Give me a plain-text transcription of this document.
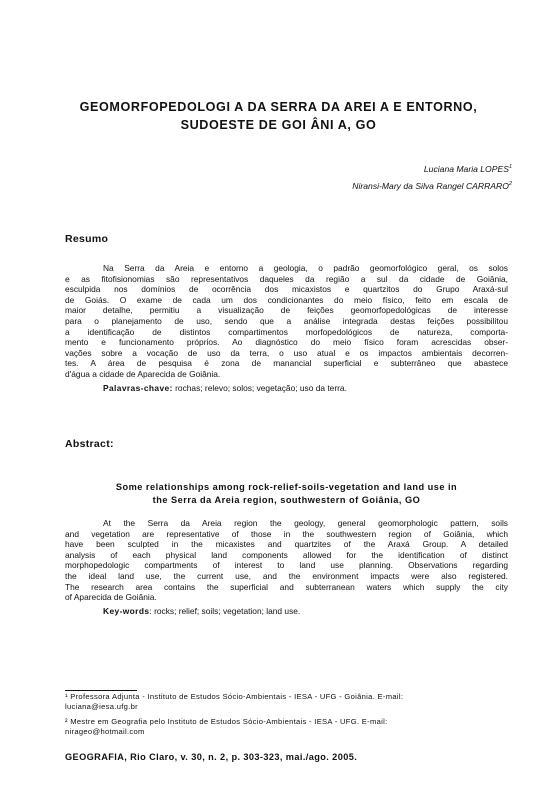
GEOMORFOPEDOLOGI A DA SERRA DA AREI A E ENTORNO,
SUDOESTE DE GOI ÂNI A, GO
Luciana Maria LOPES$^1$
Niransi-Mary da Silva Rangel CARRARO$^2$
Resumo
Na Serra da Areia e entorno a geologia, o padrão geomorfológico geral, os solos
e as fitofisionomias são representativos daqueles da região a sul da cidade de Goiânia,
esculpida nos domínios de ocorrência dos micaxistos e quartzitos do Grupo Araxá-sul
de Goiás. O exame de cada um dos condicionantes do meio físico, feito em escala de
maior detalhe, permitiu a visualização de feições geomorfopedológicas de interesse
para o planejamento de uso, sendo que a análise integrada destas feições possibilitou
a identificação de distintos compartimentos morfopedológicos de natureza, comporta-
mento e funcionamento próprios. Ao diagnóstico do meio físico foram acrescidas obser-
vações sobre a vocação de uso da terra, o uso atual e os impactos ambientais decorren-
tes. A área de pesquisa é zona de manancial superficial e subterrâneo que abastece
d'água a cidade de Aparecida de Goiânia.
Palavras-chave: rochas; relevo; solos; vegetação; uso da terra.
Abstract:
Some relationships among rock-relief-soils-vegetation and land use in
the Serra da Areia region, southwestern of Goiânia, GO
At the Serra da Areia region the geology, general geomorphologic pattern, soils
and vegetation are representative of those in the southwestern region of Goiânia, which
have been sculpted in the micaxistes and quartzites of the Araxá Group. A detailed
analysis of each physical land components allowed for the identification of distinct
morphopedologic compartments of interest to land use planning. Observations regarding
the ideal land use, the current use, and the environment impacts were also registered.
The research area contains the superficial and subterranean waters which supply the city
of Aparecida de Goiânia.
Key-words: rocks; relief; soils; vegetation; land use.
¹ Professora Adjunta - Instituto de Estudos Sócio-Ambientais - IESA - UFG - Goiânia. E-mail:
luciana@iesa.ufg.br
² Mestre em Geografia pelo Instituto de Estudos Sócio-Ambientais - IESA - UFG. E-mail:
nirageo@hotmail.com
GEOGRAFIA, Rio Claro, v. 30, n. 2, p. 303-323, mai./ago. 2005.
